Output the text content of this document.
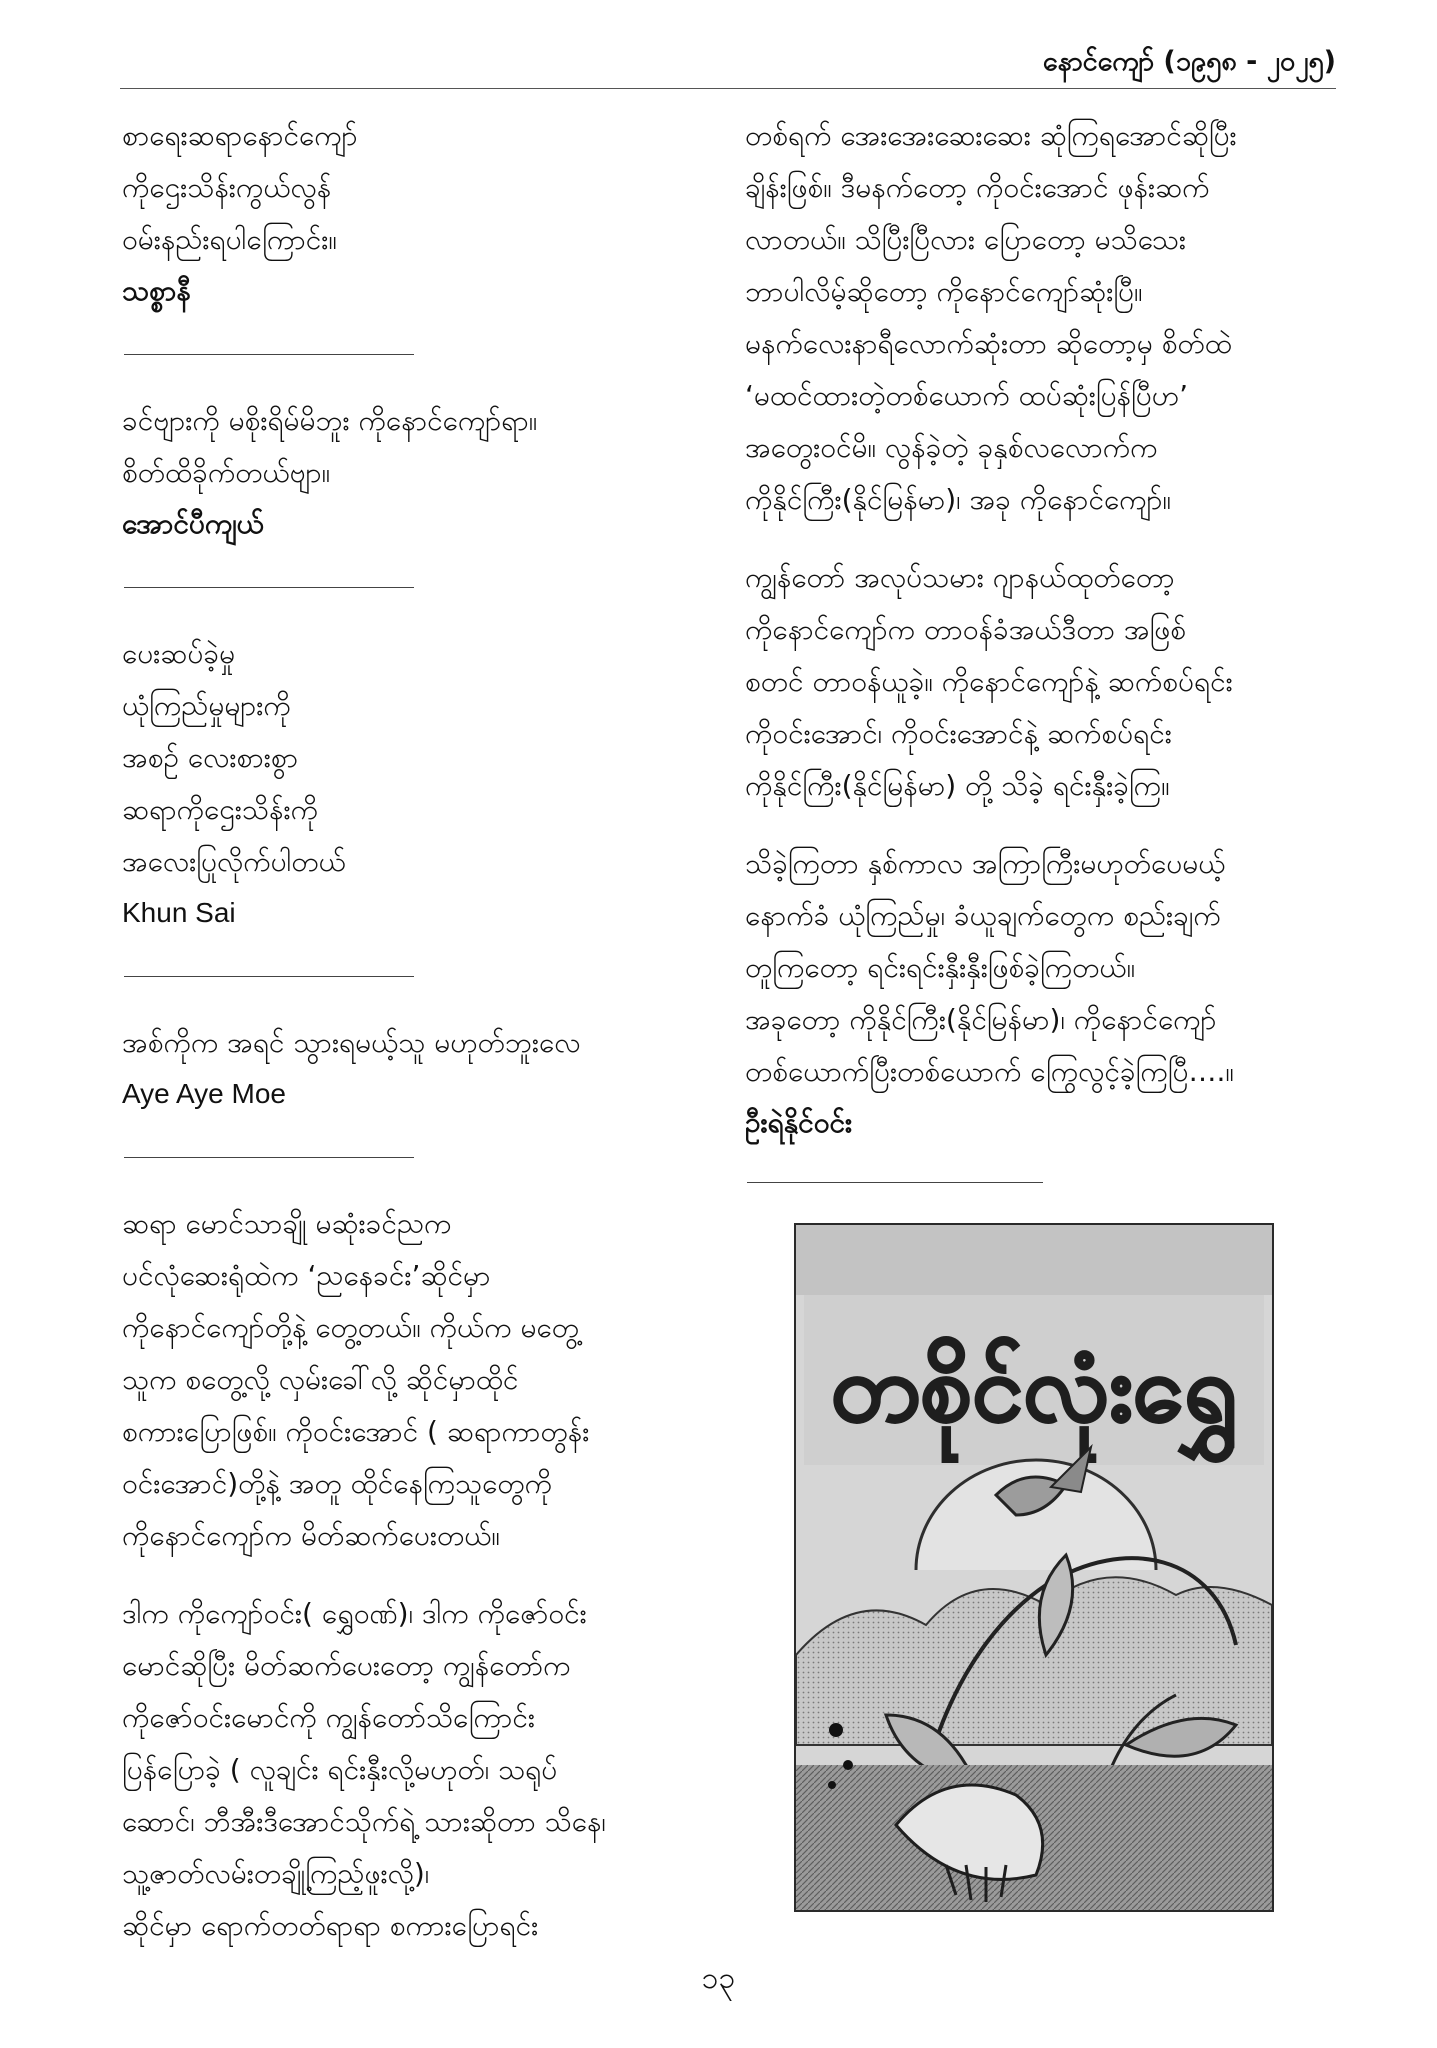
နောင်ကျော် (၁၉၅၈ - ၂၀၂၅)
စာရေးဆရာနောင်ကျော်
ကိုဌေးသိန်းကွယ်လွန်
ဝမ်းနည်းရပါကြောင်း။
သစ္စာနီ
ခင်ဗျားကို မစိုးရိမ်မိဘူး ကိုနောင်ကျော်ရာ။
စိတ်ထိခိုက်တယ်ဗျာ။
အောင်ပီကျယ်
ပေးဆပ်ခဲ့မှု
ယုံကြည်မှုများကို
အစဉ် လေးစားစွာ
ဆရာကိုဌေးသိန်းကို
အလေးပြုလိုက်ပါတယ်
Khun Sai
အစ်ကိုက အရင် သွားရမယ့်သူ မဟုတ်ဘူးလေ
Aye Aye Moe
ဆရာ မောင်သာချို မဆုံးခင်ညက
ပင်လုံဆေးရုံထဲက ‘ညနေခင်း’ဆိုင်မှာ
ကိုနောင်ကျော်တို့နဲ့ တွေ့တယ်။ ကိုယ်က မတွေ့
သူက စတွေ့လို့ လှမ်းခေါ်လို့ ဆိုင်မှာထိုင်
စကားပြောဖြစ်။ ကိုဝင်းအောင် ( ဆရာကာတွန်း
ဝင်းအောင်)တို့နဲ့ အတူ ထိုင်နေကြသူတွေကို
ကိုနောင်ကျော်က မိတ်ဆက်ပေးတယ်။
ဒါက ကိုကျော်ဝင်း( ရွှေဝဏ်)၊ ဒါက ကိုဇော်ဝင်း
မောင်ဆိုပြီး မိတ်ဆက်ပေးတော့ ကျွန်တော်က
ကိုဇော်ဝင်းမောင်ကို ကျွန်တော်သိကြောင်း
ပြန်ပြောခဲ့ ( လူချင်း ရင်းနှီးလို့မဟုတ်၊ သရုပ်
ဆောင်၊ ဘီအီးဒီအောင်သိုက်ရဲ့ သားဆိုတာ သိနေ၊
သူ့ဇာတ်လမ်းတချို့ကြည့်ဖူးလို့)၊
ဆိုင်မှာ ရောက်တတ်ရာရာ စကားပြောရင်း
တစ်ရက် အေးအေးဆေးဆေး ဆုံကြရအောင်ဆိုပြီး
ချိန်းဖြစ်။ ဒီမနက်တော့ ကိုဝင်းအောင် ဖုန်းဆက်
လာတယ်။ သိပြီးပြီလား ပြောတော့ မသိသေး
ဘာပါလိမ့်ဆိုတော့ ကိုနောင်ကျော်ဆုံးပြီ။
မနက်လေးနာရီလောက်ဆုံးတာ ဆိုတော့မှ စိတ်ထဲ
‘မထင်ထားတဲ့တစ်ယောက် ထပ်ဆုံးပြန်ပြီဟ’
အတွေးဝင်မိ။ လွန်ခဲ့တဲ့ ခုနှစ်လလောက်က
ကိုနိုင်ကြီး(နိုင်မြန်မာ)၊ အခု ကိုနောင်ကျော်။
ကျွန်တော် အလုပ်သမား ဂျာနယ်ထုတ်တော့
ကိုနောင်ကျော်က တာဝန်ခံအယ်ဒီတာ အဖြစ်
စတင် တာဝန်ယူခဲ့။ ကိုနောင်ကျော်နဲ့ ဆက်စပ်ရင်း
ကိုဝင်းအောင်၊ ကိုဝင်းအောင်နဲ့ ဆက်စပ်ရင်း
ကိုနိုင်ကြီး(နိုင်မြန်မာ) တို့ သိခဲ့ ရင်းနှီးခဲ့ကြ။
သိခဲ့ကြတာ နှစ်ကာလ အကြာကြီးမဟုတ်ပေမယ့်
နောက်ခံ ယုံကြည်မှု၊ ခံယူချက်တွေက စည်းချက်
တူကြတော့ ရင်းရင်းနှီးနှီးဖြစ်ခဲ့ကြတယ်။
အခုတော့ ကိုနိုင်ကြီး(နိုင်မြန်မာ)၊ ကိုနောင်ကျော်
တစ်ယောက်ပြီးတစ်ယောက် ကြွေလွင့်ခဲ့ကြပြီ….။
ဦးရဲနိုင်ဝင်း
တစိုင်လုံးရွှေ
၁၃
